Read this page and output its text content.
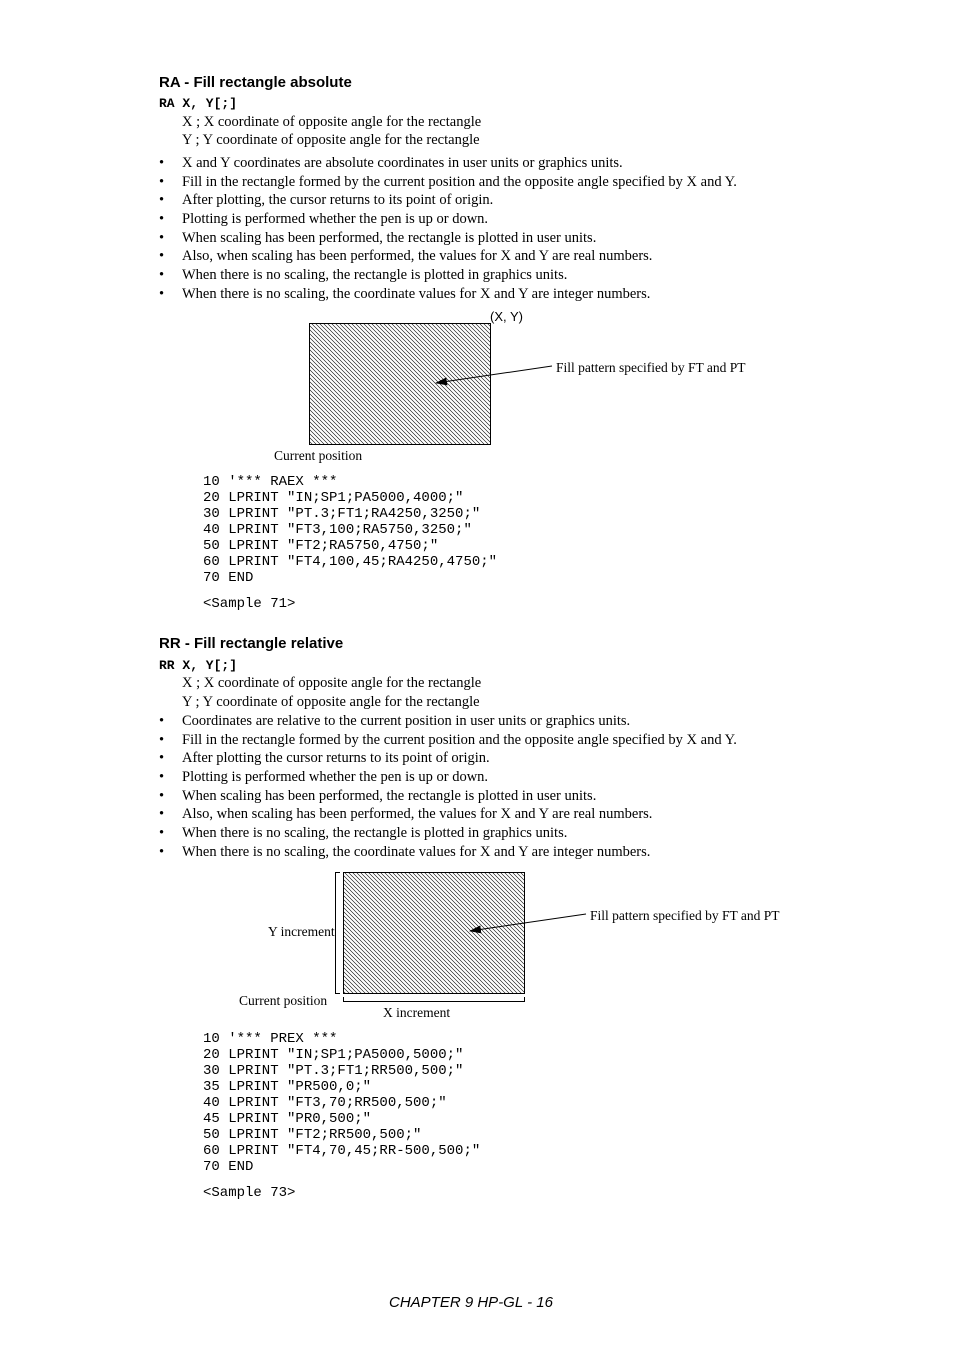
RA - Fill rectangle absolute
RA X, Y[;]
X ; X coordinate of opposite angle for the rectangle
Y ; Y coordinate of opposite angle for the rectangle
• X and Y coordinates are absolute coordinates in user units or graphics units.
• Fill in the rectangle formed by the current position and the opposite angle specified by X and Y.
• After plotting, the cursor returns to its point of origin.
• Plotting is performed whether the pen is up or down.
• When scaling has been performed, the rectangle is plotted in user units.
• Also, when scaling has been performed, the values for X and Y are real numbers.
• When there is no scaling, the rectangle is plotted in graphics units.
• When there is no scaling, the coordinate values for X and Y are integer numbers.
(X, Y)
Fill pattern specified by FT and PT
Current position
10 '*** RAEX ***
20 LPRINT "IN;SP1;PA5000,4000;"
30 LPRINT "PT.3;FT1;RA4250,3250;"
40 LPRINT "FT3,100;RA5750,3250;"
50 LPRINT "FT2;RA5750,4750;"
60 LPRINT "FT4,100,45;RA4250,4750;"
70 END
<Sample 71>
RR - Fill rectangle relative
RR X, Y[;]
X ; X coordinate of opposite angle for the rectangle
Y ; Y coordinate of opposite angle for the rectangle
• Coordinates are relative to the current position in user units or graphics units.
• Fill in the rectangle formed by the current position and the opposite angle specified by X and Y.
• After plotting the cursor returns to its point of origin.
• Plotting is performed whether the pen is up or down.
• When scaling has been performed, the rectangle is plotted in user units.
• Also, when scaling has been performed, the values for X and Y are real numbers.
• When there is no scaling, the rectangle is plotted in graphics units.
• When there is no scaling, the coordinate values for X and Y are integer numbers.
Y increment
Fill pattern specified by FT and PT
Current position
X increment
10 '*** PREX ***
20 LPRINT "IN;SP1;PA5000,5000;"
30 LPRINT "PT.3;FT1;RR500,500;"
35 LPRINT "PR500,0;"
40 LPRINT "FT3,70;RR500,500;"
45 LPRINT "PR0,500;"
50 LPRINT "FT2;RR500,500;"
60 LPRINT "FT4,70,45;RR-500,500;"
70 END
<Sample 73>
CHAPTER 9 HP-GL - 16
